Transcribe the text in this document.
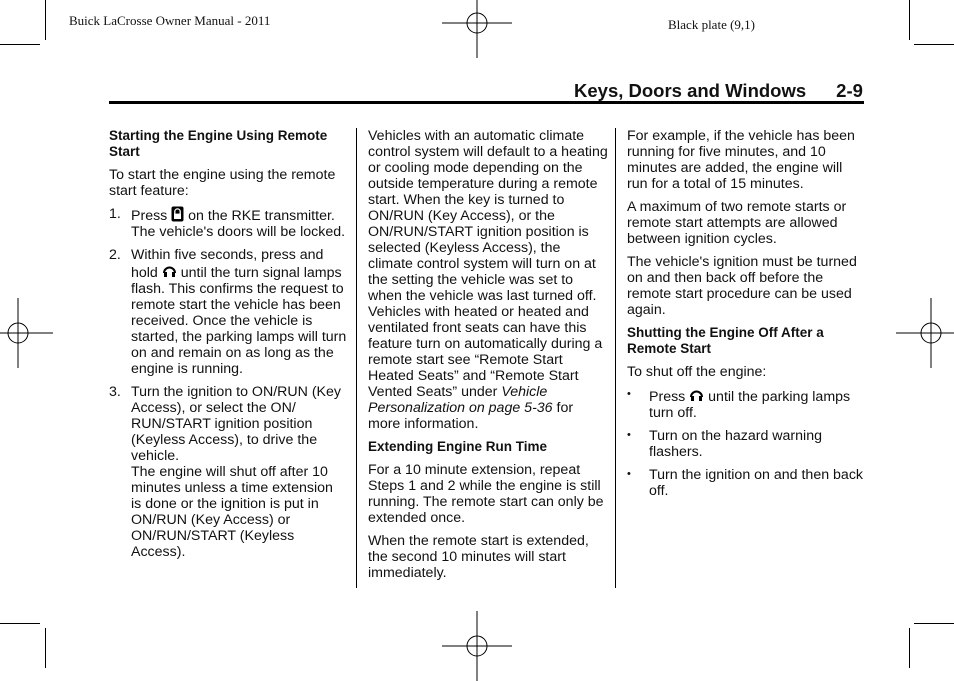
Buick LaCrosse Owner Manual - 2011	Black plate (9,1)
Keys, Doors and Windows 2-9

Starting the Engine Using Remote Start

To start the engine using the remote start feature:

1. Press on the RKE transmitter. The vehicle's doors will be locked.
2. Within five seconds, press and hold until the turn signal lamps flash. This confirms the request to remote start the vehicle has been received. Once the vehicle is started, the parking lamps will turn on and remain on as long as the engine is running.
3. Turn the ignition to ON/RUN (Key Access), or select the ON/ RUN/START ignition position (Keyless Access), to drive the vehicle.
The engine will shut off after 10 minutes unless a time extension is done or the ignition is put in ON/RUN (Key Access) or ON/RUN/START (Keyless Access).

Vehicles with an automatic climate control system will default to a heating or cooling mode depending on the outside temperature during a remote start. When the key is turned to ON/RUN (Key Access), or the ON/RUN/START ignition position is selected (Keyless Access), the climate control system will turn on at the setting the vehicle was set to when the vehicle was last turned off. Vehicles with heated or heated and ventilated front seats can have this feature turn on automatically during a remote start see “Remote Start Heated Seats” and “Remote Start Vented Seats” under Vehicle Personalization on page 5-36 for more information.

Extending Engine Run Time

For a 10 minute extension, repeat Steps 1 and 2 while the engine is still running. The remote start can only be extended once.

When the remote start is extended, the second 10 minutes will start immediately.

For example, if the vehicle has been running for five minutes, and 10 minutes are added, the engine will run for a total of 15 minutes.

A maximum of two remote starts or remote start attempts are allowed between ignition cycles.

The vehicle's ignition must be turned on and then back off before the remote start procedure can be used again.

Shutting the Engine Off After a Remote Start

To shut off the engine:

•	Press until the parking lamps turn off.
•	Turn on the hazard warning flashers.
•	Turn the ignition on and then back off.
